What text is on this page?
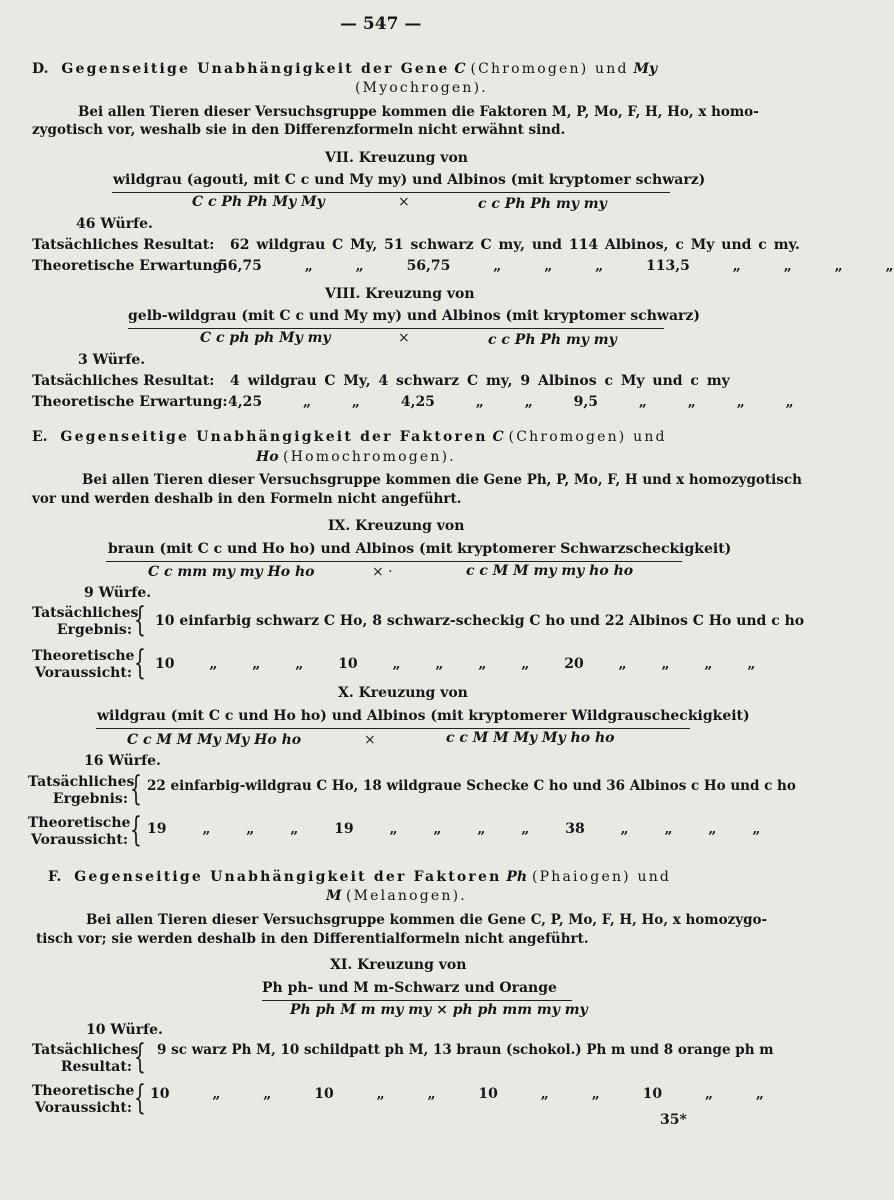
— 547 —
D. Gegenseitige Unabhängigkeit der Gene C (Chromogen) und My
(Myochrogen).
Bei allen Tieren dieser Versuchsgruppe kommen die Faktoren M, P, Mo, F, H, Ho, x homo-
zygotisch vor, weshalb sie in den Differenzformeln nicht erwähnt sind.
VII. Kreuzung von
wildgrau (agouti, mit C c und My my) und Albinos (mit kryptomer schwarz)
C c Ph Ph My My	×	c c Ph Ph my my
46 Würfe.
Tatsächliches Resultat: 62 wildgrau C My, 51 schwarz C my, und 114 Albinos, c My und c my.
Theoretische Erwartung:
56,75 „ „ 56,75 „ „ „ 113,5 „ „ „ „
VIII. Kreuzung von
gelb-wildgrau (mit C c und My my) und Albinos (mit kryptomer schwarz)
C c ph ph My my	×	c c Ph Ph my my
3 Würfe.
Tatsächliches Resultat: 4 wildgrau C My, 4 schwarz C my, 9 Albinos c My und c my
Theoretische Erwartung: 4,25 „ „ 4,25 „ „ 9,5 „ „ „ „
E. Gegenseitige Unabhängigkeit der Faktoren C (Chromogen) und
Ho (Homochromogen).
Bei allen Tieren dieser Versuchsgruppe kommen die Gene Ph, P, Mo, F, H und x homozygotisch
vor und werden deshalb in den Formeln nicht angeführt.
IX. Kreuzung von
braun (mit C c und Ho ho) und Albinos (mit kryptomerer Schwarzscheckigkeit)
C c mm my my Ho ho	× ·	c c M M my my ho ho
9 Würfe.
Tatsächliches
Ergebnis: { 10 einfarbig schwarz C Ho, 8 schwarz-scheckig C ho und 22 Albinos C Ho und c ho
Theoretische
Voraussicht: { 10 „ „ „ 10 „ „ „ „ 20 „ „ „ „
X. Kreuzung von
wildgrau (mit C c und Ho ho) und Albinos (mit kryptomerer Wildgrauscheckigkeit)
C c M M My My Ho ho	×	c c M M My My ho ho
16 Würfe.
Tatsächliches
Ergebnis: { 22 einfarbig-wildgrau C Ho, 18 wildgraue Schecke C ho und 36 Albinos c Ho und c ho
Theoretische
Voraussicht: { 19 „ „ „ 19 „ „ „ „ 38 „ „ „ „
F. Gegenseitige Unabhängigkeit der Faktoren Ph (Phaiogen) und
M (Melanogen).
Bei allen Tieren dieser Versuchsgruppe kommen die Gene C, P, Mo, F, H, Ho, x homozygo-
tisch vor; sie werden deshalb in den Differentialformeln nicht angeführt.
XI. Kreuzung von
Ph ph- und M m-Schwarz und Orange
Ph ph M m my my × ph ph mm my my
10 Würfe.
Tatsächliches
Resultat: { 9 sc warz Ph M, 10 schildpatt ph M, 13 braun (schokol.) Ph m und 8 orange ph m
Theoretische
Voraussicht: { 10 „ „ 10 „ „ 10 „ „ 10 „ „
35*
